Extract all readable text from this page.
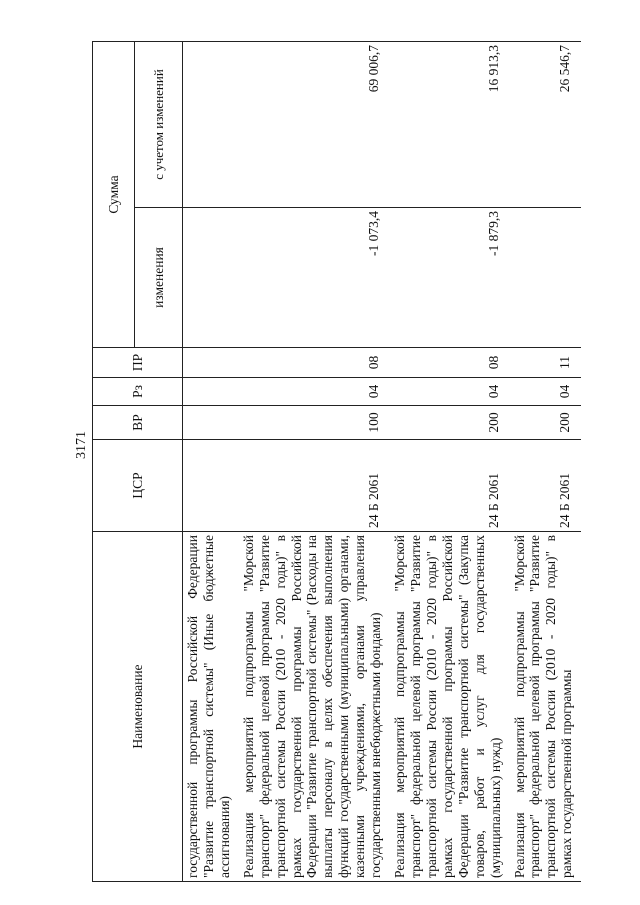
3171
Наименование	ЦСР	ВР	Рз	ПР	Сумма	
					изменения	с учетом изменений
государственной программы Российской Федерации "Развитие транспортной системы" (Иные бюджетные ассигнования)						
Реализация мероприятий подпрограммы "Морской транспорт" федеральной целевой программы "Развитие транспортной системы России (2010 - 2020 годы)" в рамках государственной программы Российской Федерации "Развитие транспортной системы" (Расходы на выплаты персоналу в целях обеспечения выполнения функций государственными (муниципальными) органами, казенными учреждениями, органами управления государственными внебюджетными фондами)	24 Б 2061	100	04	08	-1 073,4	69 006,7
Реализация мероприятий подпрограммы "Морской транспорт" федеральной целевой программы "Развитие транспортной системы России (2010 - 2020 годы)" в рамках государственной программы Российской Федерации "Развитие транспортной системы" (Закупка товаров, работ и услуг для государственных (муниципальных) нужд)	24 Б 2061	200	04	08	-1 879,3	16 913,3
Реализация мероприятий подпрограммы "Морской транспорт" федеральной целевой программы "Развитие транспортной системы России (2010 - 2020 годы)" в рамках государственной программы	24 Б 2061	200	04	11		26 546,7
